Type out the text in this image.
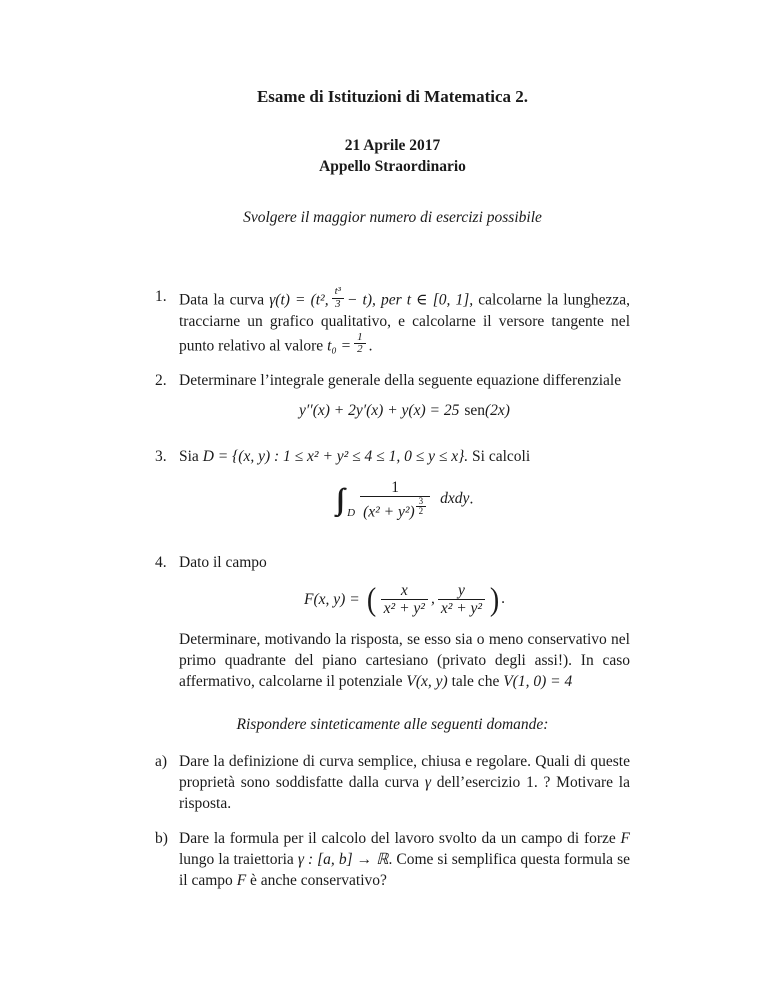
Esame di Istituzioni di Matematica 2.
21 Aprile 2017
Appello Straordinario
Svolgere il maggior numero di esercizi possibile
1. Data la curva γ(t) = (t², $\frac{\text{t³}}{3} - t$), per t ∈ [0, 1], calcolarne la lunghezza, tracciarne un grafico qualitativo, e calcolarne il versore tangente nel punto relativo al valore $t_0 = \frac{1}{2}$ .
2. Determinare l’integrale generale della seguente equazione differenziale
y′′(x) + 2y′(x) + y(x) = 25 sen(2x)
3. Sia D = {(x, y) : 1 ≤ x² + y² ≤ 4 ≤ 1, 0 ≤ y ≤ x}. Si calcoli
∫∫ $_D$ 1
(x² + y²) $^{\frac{3}{2}}$ dxdy.
4. Dato il campo
F(x, y) = ( $\frac{x}{\text{x² + y²}}$ , $\frac{y}{\text{x² + y²}}$ ) .
Determinare, motivando la risposta, se esso sia o meno conservativo nel primo quadrante del piano cartesiano (privato degli assi!). In caso affermativo, calcolarne il potenziale V(x, y) tale che V(1, 0) = 4
Rispondere sinteticamente alle seguenti domande:
a) Dare la definizione di curva semplice, chiusa e regolare. Quali di queste proprietà sono soddisfatte dalla curva γ dell’esercizio 1. ? Motivare la risposta.
b) Dare la formula per il calcolo del lavoro svolto da un campo di forze F lungo la traiettoria γ : [a, b] → ℝ. Come si semplifica questa formula se il campo F è anche conservativo?
